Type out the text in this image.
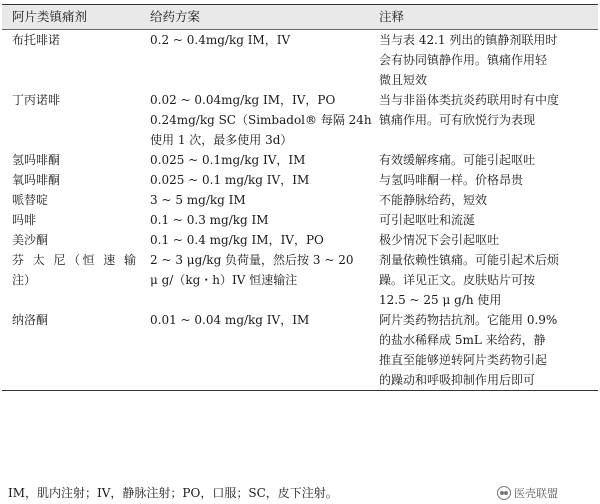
阿片类镇痛剂	给药方案	注释
布托啡诺	0.2 ~ 0.4mg/kg IM，IV	当与表 42.1 列出的镇静剂联用时
会有协同镇静作用。镇痛作用轻
微且短效

丁丙诺啡	0.02 ~ 0.04mg/kg IM，IV，PO
0.24mg/kg SC（Simbadol® 每隔 24h
使用 1 次，最多使用 3d）	当与非甾体类抗炎药联用时有中度
镇痛作用。可有欣悦行为表现

氢吗啡酮	0.025 ~ 0.1mg/kg IV，IM	有效缓解疼痛。可能引起呕吐

氧吗啡酮	0.025 ~ 0.1 mg/kg IV，IM	与氢吗啡酮一样。价格昂贵

哌替啶	3 ~ 5 mg/kg IM	不能静脉给药，短效

吗啡	0.1 ~ 0.3 mg/kg IM	可引起呕吐和流涎

美沙酮	0.1 ~ 0.4 mg/kg IM，IV，PO	极少情况下会引起呕吐

芬 太 尼（恒 速 输
注）	2 ~ 3 μg/kg 负荷量，然后按 3 ~ 20
μ g/（kg・h）IV 恒速输注	剂量依赖性镇痛。可能引起术后烦
躁。详见正文。皮肤贴片可按
12.5 ~ 25 μ g/h 使用

纳洛酮	0.01 ~ 0.04 mg/kg IV，IM	阿片类药物拮抗剂。它能用 0.9%
的盐水稀释成 5mL 来给药，静
推直至能够逆转阿片类药物引起
的躁动和呼吸抑制作用后即可
IM，肌内注射；IV，静脉注射；PO，口服；SC，皮下注射。	医壳联盟
